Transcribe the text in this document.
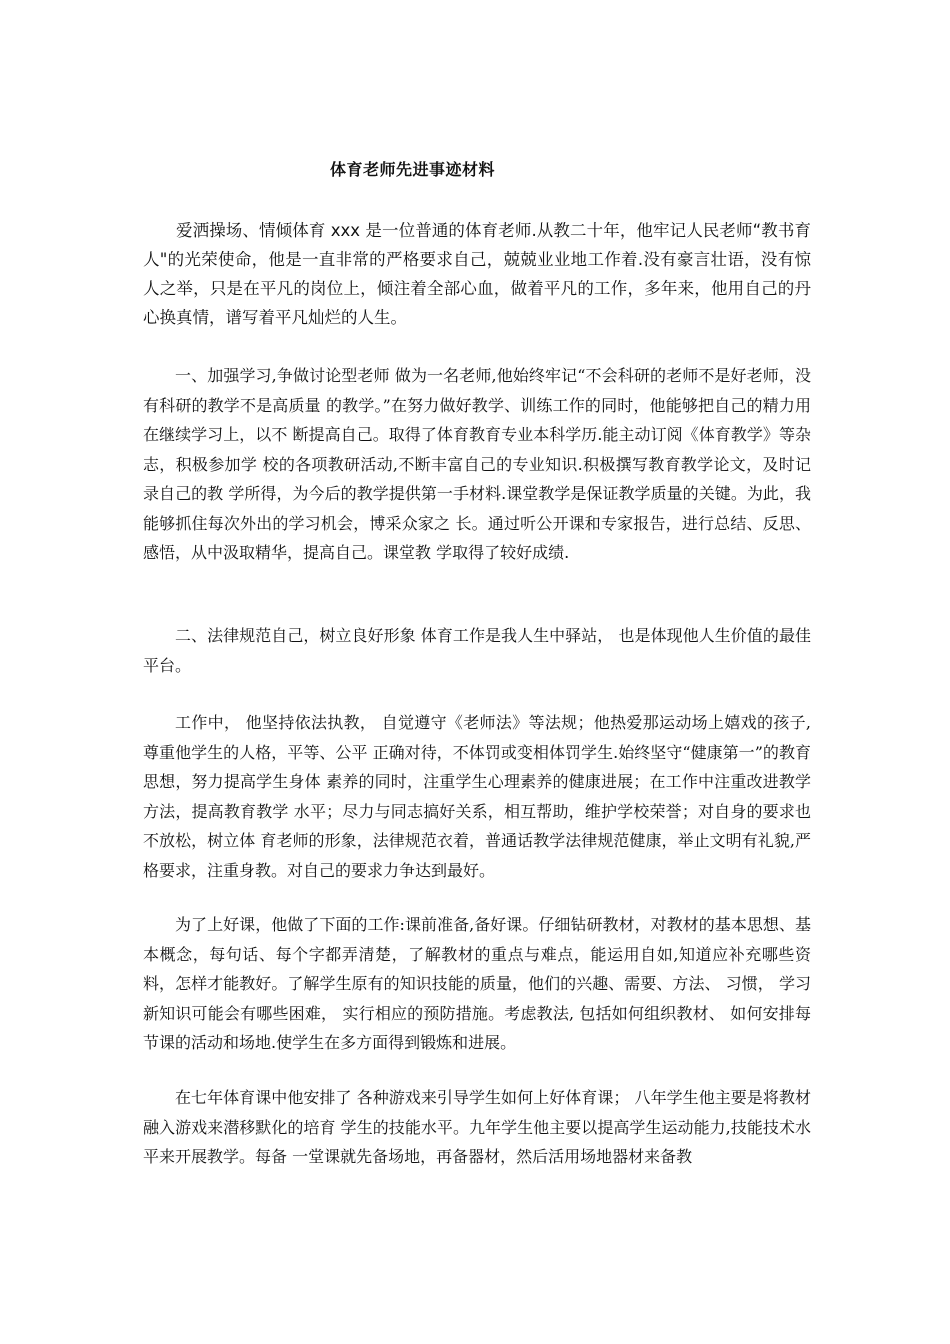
体育老师先进事迹材料

爱洒操场、情倾体育 xxx 是一位普通的体育老师.从教二十年，他牢记人民老师“教书育人"的光荣使命，他是一直非常的严格要求自己，兢兢业业地工作着.没有豪言壮语，没有惊人之举，只是在平凡的岗位上，倾注着全部心血，做着平凡的工作，多年来，他用自己的丹心换真情，谱写着平凡灿烂的人生。

一、加强学习,争做讨论型老师 做为一名老师,他始终牢记“不会科研的老师不是好老师，没有科研的教学不是高质量 的教学。”在努力做好教学、训练工作的同时，他能够把自己的精力用在继续学习上，以不 断提高自己。取得了体育教育专业本科学历.能主动订阅《体育教学》等杂志，积极参加学 校的各项教研活动,不断丰富自己的专业知识.积极撰写教育教学论文，及时记录自己的教 学所得，为今后的教学提供第一手材料.课堂教学是保证教学质量的关键。为此，我能够抓住每次外出的学习机会，博采众家之 长。通过听公开课和专家报告，进行总结、反思、感悟，从中汲取精华，提高自己。课堂教 学取得了较好成绩.

二、法律规范自己，树立良好形象 体育工作是我人生中驿站， 也是体现他人生价值的最佳平台。

工作中， 他坚持依法执教， 自觉遵守《老师法》等法规；他热爱那运动场上嬉戏的孩子,尊重他学生的人格，平等、公平 正确对待，不体罚或变相体罚学生.始终坚守“健康第一”的教育思想，努力提高学生身体 素养的同时，注重学生心理素养的健康进展；在工作中注重改进教学方法，提高教育教学 水平；尽力与同志搞好关系，相互帮助，维护学校荣誉；对自身的要求也不放松，树立体 育老师的形象，法律规范衣着，普通话教学法律规范健康，举止文明有礼貌,严格要求，注重身教。对自己的要求力争达到最好。

为了上好课，他做了下面的工作:课前准备,备好课。仔细钻研教材，对教材的基本思想、基本概念，每句话、每个字都弄清楚，了解教材的重点与难点，能运用自如,知道应补充哪些资料，怎样才能教好。了解学生原有的知识技能的质量，他们的兴趣、需要、方法、 习惯， 学习新知识可能会有哪些困难， 实行相应的预防措施。考虑教法, 包括如何组织教材、 如何安排每节课的活动和场地.使学生在多方面得到锻炼和进展。

在七年体育课中他安排了 各种游戏来引导学生如何上好体育课； 八年学生他主要是将教材融入游戏来潜移默化的培育 学生的技能水平。九年学生他主要以提高学生运动能力,技能技术水平来开展教学。每备 一堂课就先备场地，再备器材，然后活用场地器材来备教
